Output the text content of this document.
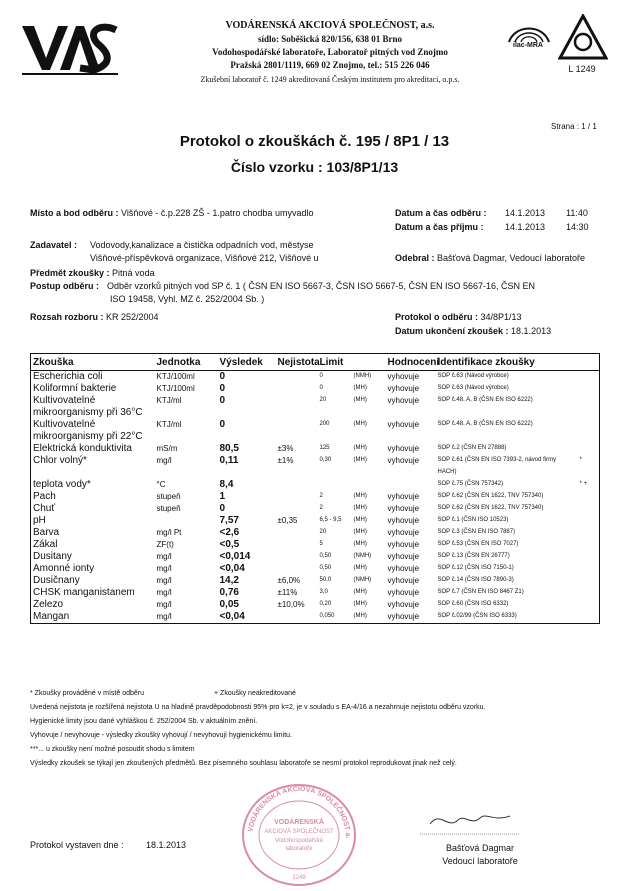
VODÁRENSKÁ AKCIOVÁ SPOLEČNOST, a.s.
sídlo: Soběšická 820/156, 638 01 Brno
Vodohospodářské laboratoře, Laboratoř pitných vod Znojmo
Pražská 2801/1119, 669 02 Znojmo, tel.: 515 226 046
Zkušební laboratoř č. 1249 akreditovaná Českým institutem pro akreditaci, o.p.s.
ilac-MRA
L 1249
Strana : 1 / 1
Protokol o zkouškách č. 195 / 8P1 / 13
Číslo vzorku : 103/8P1/13
Místo a bod odběru : Višňové - č.p.228 ZŠ - 1.patro chodba umyvadlo	Datum a čas odběru : 14.1.2013 11:40
Datum a čas příjmu : 14.1.2013 14:30
Zadavatel : Vodovody,kanalizace a čistička odpadních vod, městyse
Višňové-příspěvková organizace, Višňové 212, Višňové u	Odebral : Bašťová Dagmar, Vedoucí laboratoře
Předmět zkoušky : Pitná voda
Postup odběru : Odběr vzorků pitných vod SP č. 1 ( ČSN EN ISO 5667-3, ČSN ISO 5667-5, ČSN EN ISO 5667-16, ČSN EN
ISO 19458, Vyhl. MZ č. 252/2004 Sb. )
Rozsah rozboru : KR 252/2004	Protokol o odběru : 34/8P1/13
Datum ukončení zkoušek : 18.1.2013
Zkouška	Jednotka	Výsledek	Nejistota	Limit	Hodnocení	Identifikace zkoušky	
Escherichia coli	KTJ/100ml	0		0 (NMH)	vyhovuje	SOP č.63 (Návod výrobce)	
Koliformní bakterie	KTJ/100ml	0		0 (MH)	vyhovuje	SOP č.63 (Návod výrobce)	
Kultivovatelné	KTJ/ml	0		20 (MH)	vyhovuje	SOP č.48, A, B (ČSN EN ISO 6222)	
mikroorganismy při 36°C							
Kultivovatelné	KTJ/ml	0		200 (MH)	vyhovuje	SOP č.48, A, B (ČSN EN ISO 6222)	
mikroorganismy při 22°C							
Elektrická konduktivita	mS/m	80,5	±3%	125 (MH)	vyhovuje	SOP č.2 (ČSN EN 27888)	
Chlor volný*	mg/l	0,11	±1%	0,30 (MH)	vyhovuje	SOP č.61 (ČSN EN ISO 7393-2, návod firmy	*
						HACH)	
teplota vody*	°C	8,4				SOP č.75 (ČSN 757342)	* +
Pach	stupeň	1		2 (MH)	vyhovuje	SOP č.62 (ČSN EN 1622, TNV 757340)	
Chuť	stupeň	0		2 (MH)	vyhovuje	SOP č.62 (ČSN EN 1622, TNV 757340)	
pH		7,57	±0,35	6,5 - 9,5 (MH)	vyhovuje	SOP č.1 (ČSN ISO 10523)	
Barva	mg/l Pt	<2,6		20 (MH)	vyhovuje	SOP č.3 (ČSN EN ISO 7887)	
Zákal	ZF(t)	<0,5		5 (MH)	vyhovuje	SOP č.53 (ČSN EN ISO 7027)	
Dusitany	mg/l	<0,014		0,50 (NMH)	vyhovuje	SOP č.13 (ČSN EN 26777)	
Amonné ionty	mg/l	<0,04		0,50 (MH)	vyhovuje	SOP č.12 (ČSN ISO 7150-1)	
Dusičnany	mg/l	14,2	±6,0%	50,0 (NMH)	vyhovuje	SOP č.14 (ČSN ISO 7890-3)	
CHSK manganistanem	mg/l	0,76	±11%	3,0 (MH)	vyhovuje	SOP č.7 (ČSN EN ISO 8467 Z1)	
Železo	mg/l	0,05	±10,0%	0,20 (MH)	vyhovuje	SOP č.60 (ČSN ISO 6332)	
Mangan	mg/l	<0,04		0,050 (MH)	vyhovuje	SOP č.02/99 (ČSN ISO 6333)	
* Zkoušky prováděné v místě odběru	+ Zkoušky neakreditované
Uvedená nejistota je rozšířená nejistota U na hladině pravděpodobnosti 95% pro k=2, je v souladu s EA-4/16 a nezahrnuje nejistotu odběru vzorku.
Hygienické limity jsou dané vyhláškou č. 252/2004 Sb. v aktuálním znění.
Vyhovuje / nevyhovuje - výsledky zkoušky vyhovují / nevyhovují hygienickému limitu.
***... u zkoušky není možné posoudit shodu s limitem
Výsledky zkoušek se týkají jen zkoušených předmětů. Bez písemného souhlasu laboratoře se nesmí protokol reprodukovat jinak než celý.
VODÁRENSKÁ AKCIOVÁ SPOLEČNOST a.
VODÁRENSKÁ
AKCIOVÁ SPOLEČNOST
Vodohospodářské
laboratoře
1249
Protokol vystaven dne : 18.1.2013	Bašťová Dagmar
Vedoucí laboratoře
